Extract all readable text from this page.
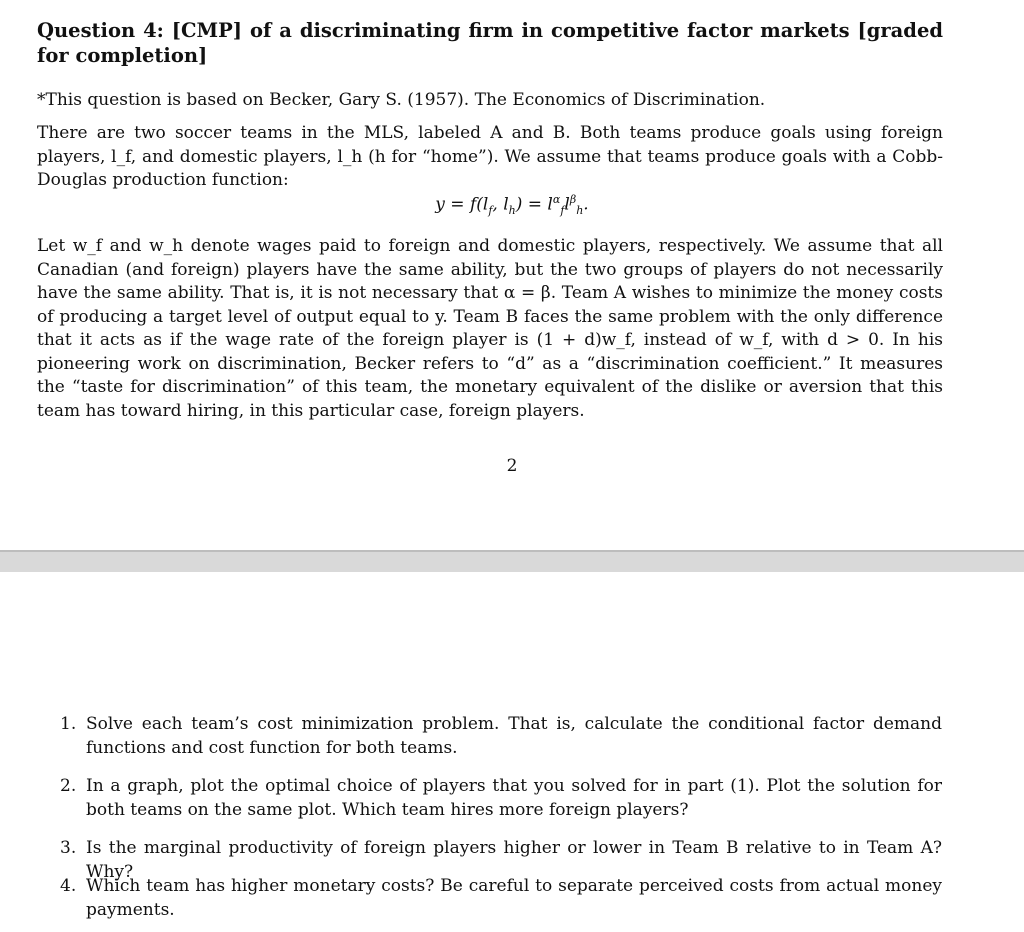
Question 4: [CMP] of a discriminating firm in competitive factor markets [graded for completion]
*This question is based on Becker, Gary S. (1957). The Economics of Discrimination.
There are two soccer teams in the MLS, labeled A and B. Both teams produce goals using foreign players, l_f, and domestic players, l_h (h for “home”). We assume that teams produce goals with a Cobb-Douglas production function:
$y = f(l_f$, $l_h) = l^\alpha_fl^\beta_h$.
Let w_f and w_h denote wages paid to foreign and domestic players, respectively. We assume that all Canadian (and foreign) players have the same ability, but the two groups of players do not necessarily have the same ability. That is, it is not necessary that α = β. Team A wishes to minimize the money costs of producing a target level of output equal to y. Team B faces the same problem with the only difference that it acts as if the wage rate of the foreign player is (1 + d)w_f, instead of w_f, with d > 0. In his pioneering work on discrimination, Becker refers to “d” as a “discrimination coefficient.” It measures the “taste for discrimination” of this team, the monetary equivalent of the dislike or aversion that this team has toward hiring, in this particular case, foreign players.
2
1. Solve each team’s cost minimization problem. That is, calculate the conditional factor demand functions and cost function for both teams.
2. In a graph, plot the optimal choice of players that you solved for in part (1). Plot the solution for both teams on the same plot. Which team hires more foreign players?
3. Is the marginal productivity of foreign players higher or lower in Team B relative to in Team A? Why?
4. Which team has higher monetary costs? Be careful to separate perceived costs from actual money payments.
